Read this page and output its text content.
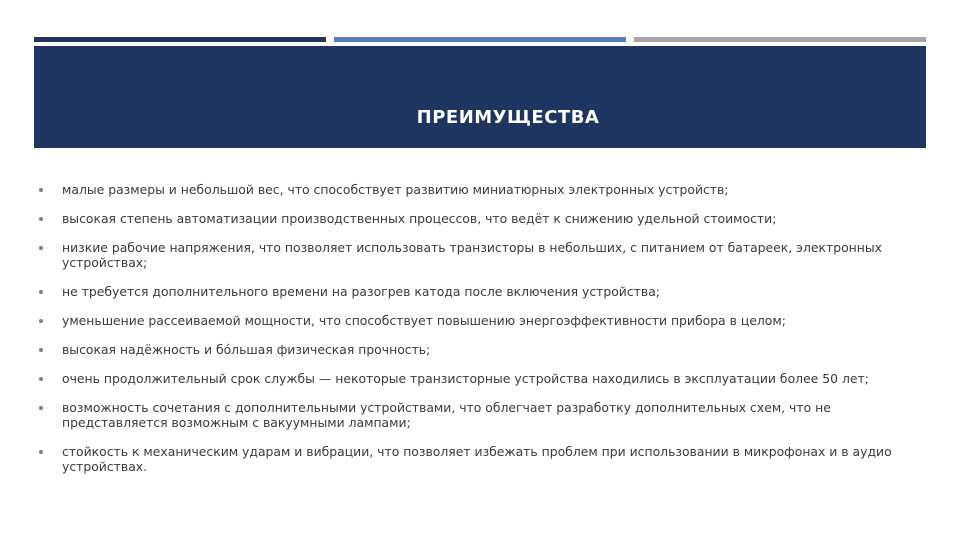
ПРЕИМУЩЕСТВА
малые размеры и небольшой вес, что способствует развитию миниатюрных электронных устройств;
высокая степень автоматизации производственных процессов, что ведёт к снижению удельной стоимости;
низкие рабочие напряжения, что позволяет использовать транзисторы в небольших, с питанием от батареек, электронных устройствах;
не требуется дополнительного времени на разогрев катода после включения устройства;
уменьшение рассеиваемой мощности, что способствует повышению энергоэффективности прибора в целом;
высокая надёжность и бóльшая физическая прочность;
очень продолжительный срок службы — некоторые транзисторные устройства находились в эксплуатации более 50 лет;
возможность сочетания с дополнительными устройствами, что облегчает разработку дополнительных схем, что не представляется возможным с вакуумными лампами;
стойкость к механическим ударам и вибрации, что позволяет избежать проблем при использовании в микрофонах и в аудио устройствах.
